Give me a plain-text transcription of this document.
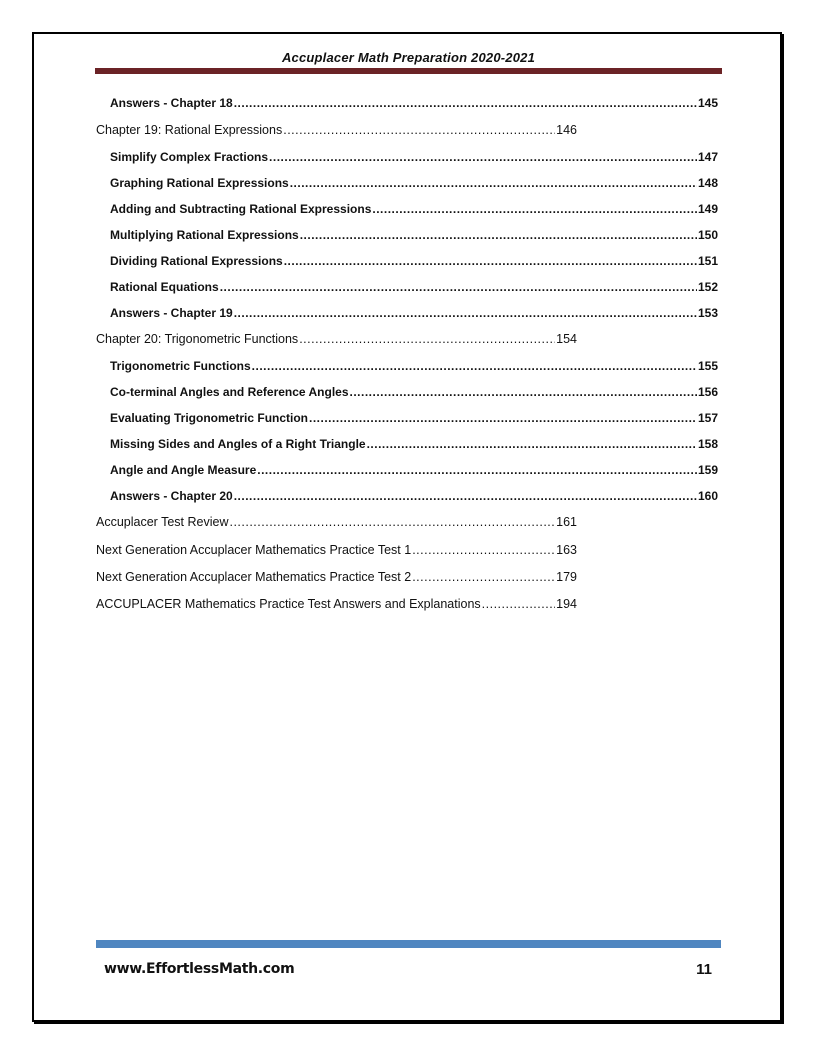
Accuplacer Math Preparation 2020-2021
Answers - Chapter 18 .....	145
Chapter 19: Rational Expressions .....	146
Simplify Complex Fractions .....	147
Graphing Rational Expressions .....	148
Adding and Subtracting Rational Expressions .....	149
Multiplying Rational Expressions .....	150
Dividing Rational Expressions .....	151
Rational Equations .....	152
Answers - Chapter 19 .....	153
Chapter 20: Trigonometric Functions .....	154
Trigonometric Functions .....	155
Co-terminal Angles and Reference Angles .....	156
Evaluating Trigonometric Function .....	157
Missing Sides and Angles of a Right Triangle .....	158
Angle and Angle Measure .....	159
Answers - Chapter 20 .....	160
Accuplacer Test Review .....	161
Next Generation Accuplacer Mathematics Practice Test 1 .....	163
Next Generation Accuplacer Mathematics Practice Test 2 .....	179
ACCUPLACER Mathematics Practice Test Answers and Explanations .....	194
www.EffortlessMath.com	11
